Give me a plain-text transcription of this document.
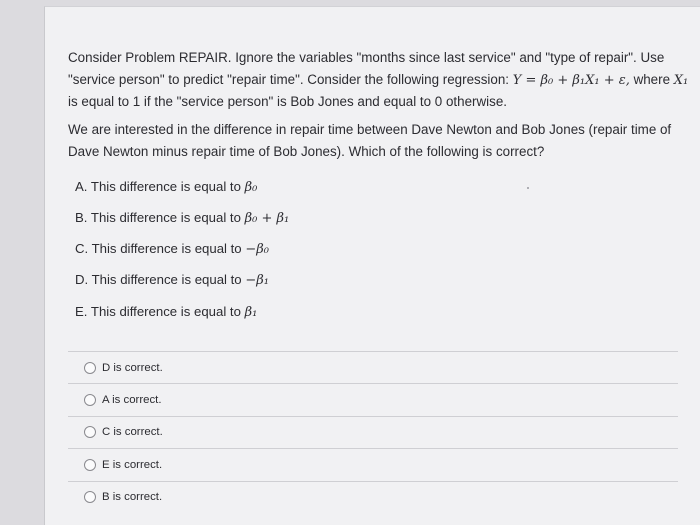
Consider Problem REPAIR. Ignore the variables "months since last service" and "type of repair". Use "service person" to predict "repair time". Consider the following regression: Y = β₀ + β₁X₁ + ε, where X₁ is equal to 1 if the "service person" is Bob Jones and equal to 0 otherwise.
We are interested in the difference in repair time between Dave Newton and Bob Jones (repair time of Dave Newton minus repair time of Bob Jones). Which of the following is correct?
A. This difference is equal to β₀
B. This difference is equal to β₀ + β₁
C. This difference is equal to −β₀
D. This difference is equal to −β₁
E. This difference is equal to β₁
D is correct.
A is correct.
C is correct.
E is correct.
B is correct.
